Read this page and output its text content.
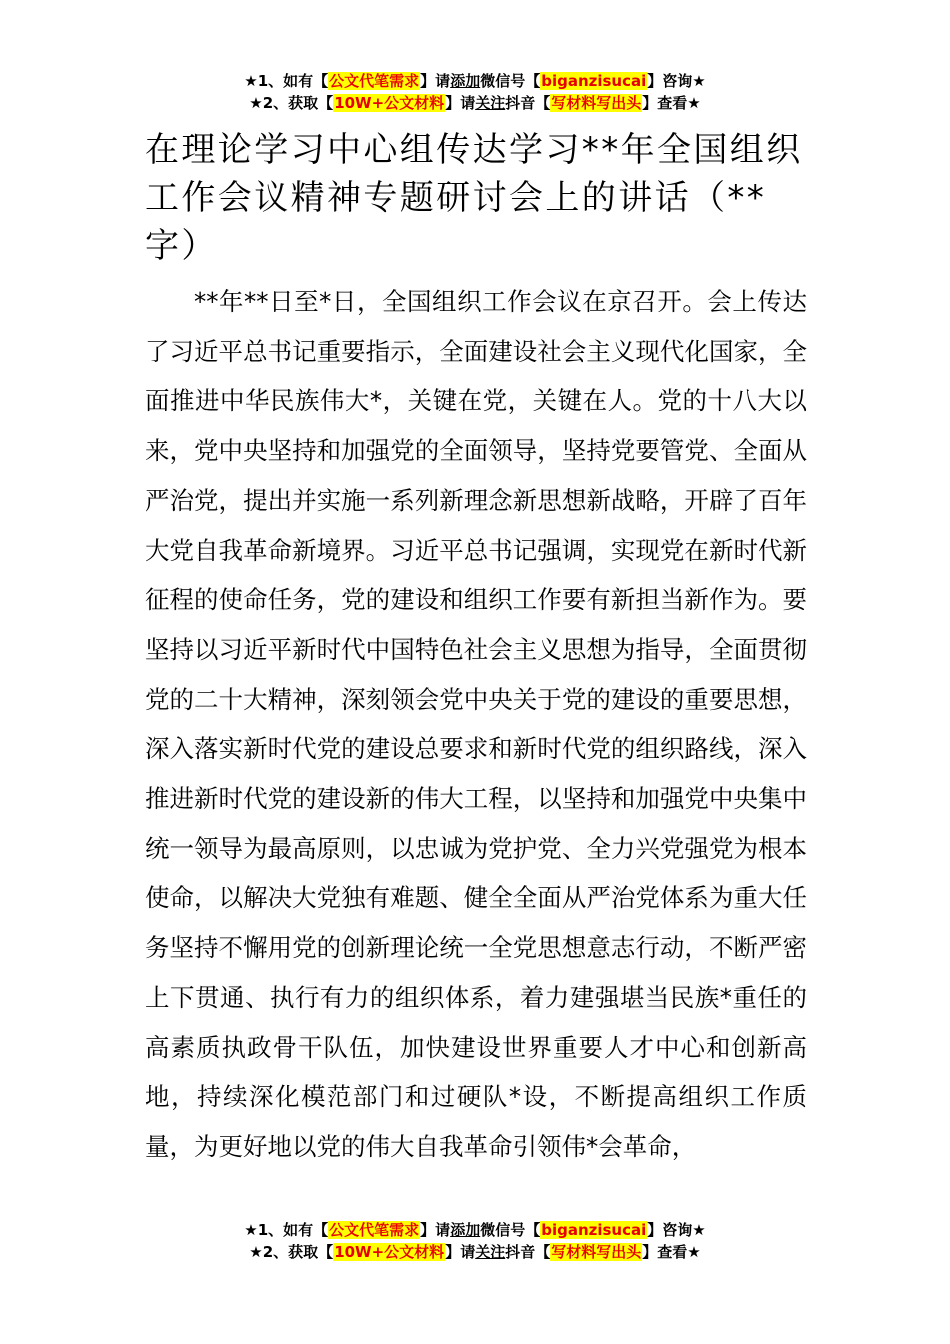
★1、如有【公文代笔需求】请添加微信号【biganzisucai】咨询★
★2、获取【10W+公文材料】请关注抖音【写材料写出头】查看★
在理论学习中心组传达学习**年全国组织工作会议精神专题研讨会上的讲话（**字）

**年**日至*日，全国组织工作会议在京召开。会上传达了习近平总书记重要指示，全面建设社会主义现代化国家，全面推进中华民族伟大*，关键在党，关键在人。党的十八大以来，党中央坚持和加强党的全面领导，坚持党要管党、全面从严治党，提出并实施一系列新理念新思想新战略，开辟了百年大党自我革命新境界。习近平总书记强调，实现党在新时代新征程的使命任务，党的建设和组织工作要有新担当新作为。要坚持以习近平新时代中国特色社会主义思想为指导，全面贯彻党的二十大精神，深刻领会党中央关于党的建设的重要思想，深入落实新时代党的建设总要求和新时代党的组织路线，深入推进新时代党的建设新的伟大工程，以坚持和加强党中央集中统一领导为最高原则，以忠诚为党护党、全力兴党强党为根本使命，以解决大党独有难题、健全全面从严治党体系为重大任务坚持不懈用党的创新理论统一全党思想意志行动，不断严密上下贯通、执行有力的组织体系，着力建强堪当民族*重任的高素质执政骨干队伍，加快建设世界重要人才中心和创新高地，持续深化模范部门和过硬队*设，不断提高组织工作质量，为更好地以党的伟大自我革命引领伟*会革命，

★1、如有【公文代笔需求】请添加微信号【biganzisucai】咨询★
★2、获取【10W+公文材料】请关注抖音【写材料写出头】查看★
